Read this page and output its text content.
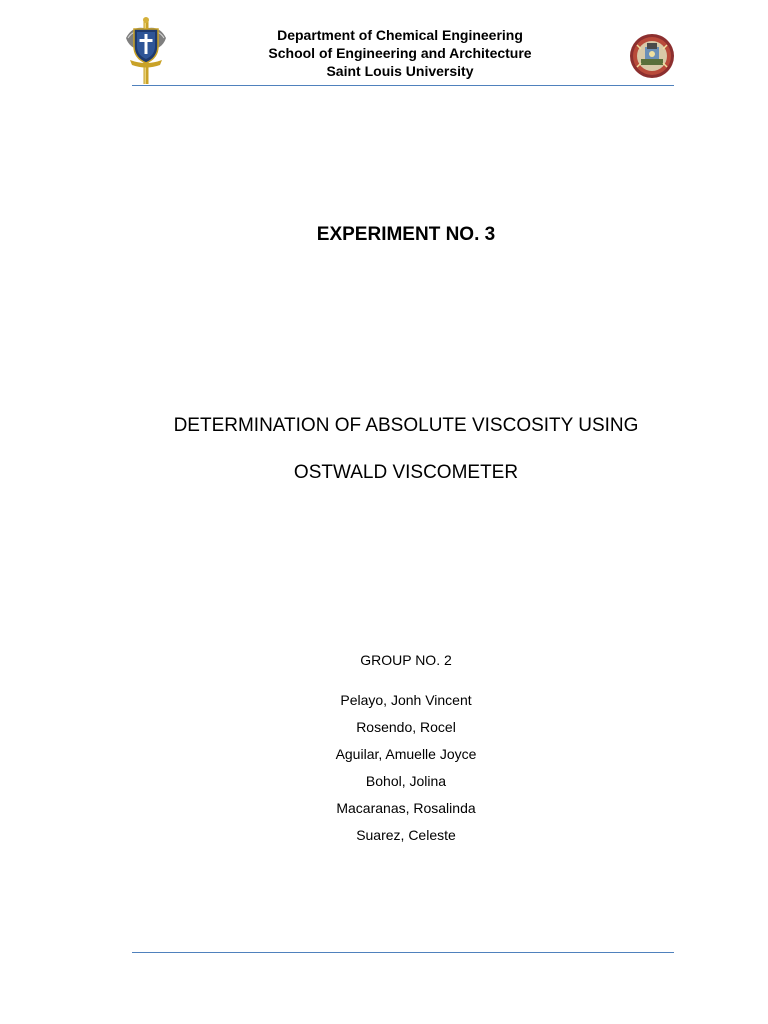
Department of Chemical Engineering
School of Engineering and Architecture
Saint Louis University
EXPERIMENT NO. 3
DETERMINATION OF ABSOLUTE VISCOSITY USING
OSTWALD VISCOMETER
GROUP NO. 2
Pelayo, Jonh Vincent
Rosendo, Rocel
Aguilar, Amuelle Joyce
Bohol, Jolina
Macaranas, Rosalinda
Suarez, Celeste
